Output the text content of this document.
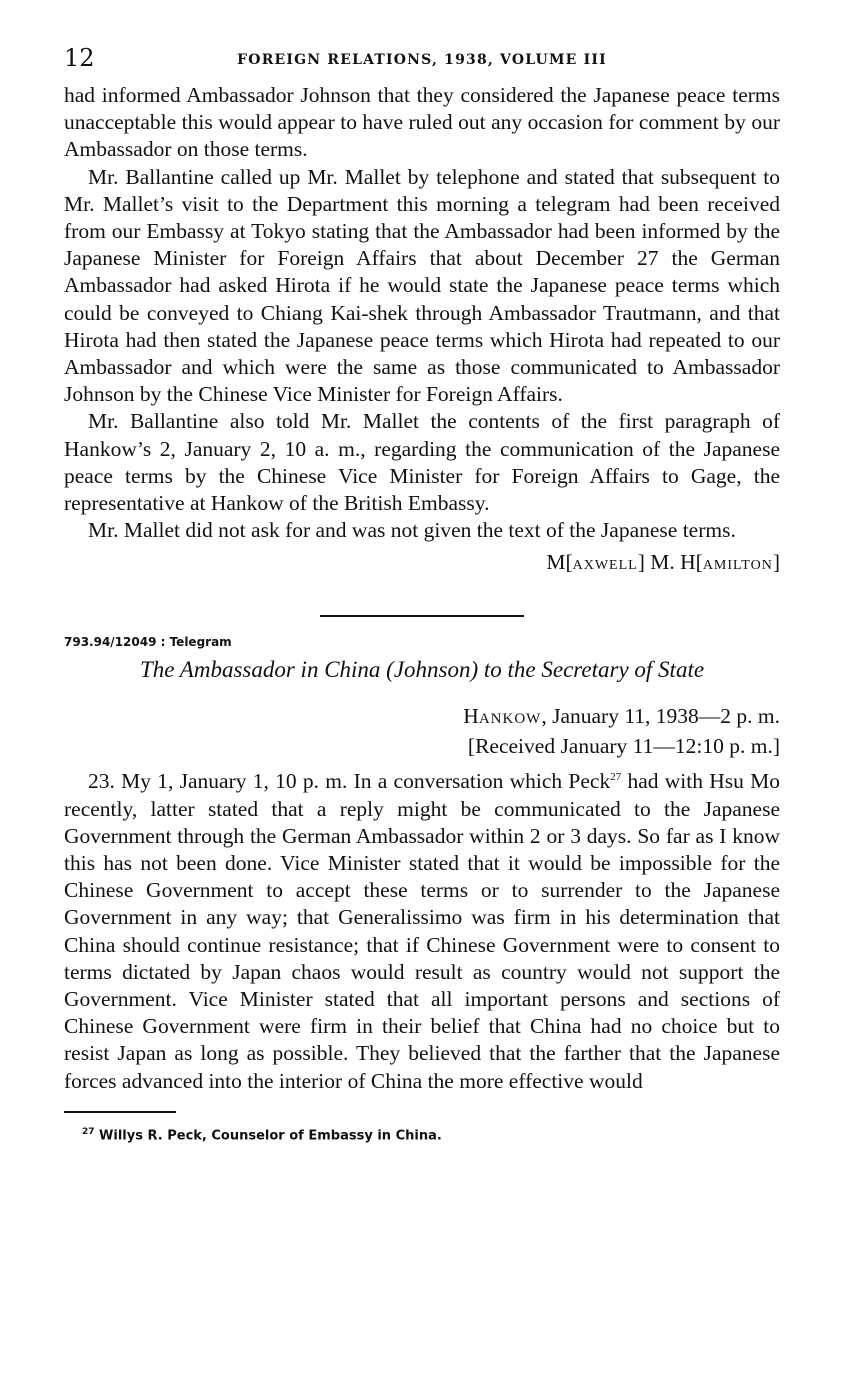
12	FOREIGN RELATIONS, 1938, VOLUME III

had informed Ambassador Johnson that they considered the Japanese peace terms unacceptable this would appear to have ruled out any occasion for comment by our Ambassador on those terms.

Mr. Ballantine called up Mr. Mallet by telephone and stated that subsequent to Mr. Mallet’s visit to the Department this morning a telegram had been received from our Embassy at Tokyo stating that the Ambassador had been informed by the Japanese Minister for Foreign Affairs that about December 27 the German Ambassador had asked Hirota if he would state the Japanese peace terms which could be conveyed to Chiang Kai-shek through Ambassador Trautmann, and that Hirota had then stated the Japanese peace terms which Hirota had repeated to our Ambassador and which were the same as those communicated to Ambassador Johnson by the Chinese Vice Minister for Foreign Affairs.

Mr. Ballantine also told Mr. Mallet the contents of the first paragraph of Hankow’s 2, January 2, 10 a. m., regarding the communication of the Japanese peace terms by the Chinese Vice Minister for Foreign Affairs to Gage, the representative at Hankow of the British Embassy.

Mr. Mallet did not ask for and was not given the text of the Japanese terms.

M[AXWELL] M. H[AMILTON]
793.94/12049 : Telegram
The Ambassador in China (Johnson) to the Secretary of State
HANKOW, January 11, 1938—2 p. m.
[Received January 11—12:10 p. m.]

23. My 1, January 1, 10 p. m. In a conversation which Peck$^{27}$ had with Hsu Mo recently, latter stated that a reply might be communicated to the Japanese Government through the German Ambassador within 2 or 3 days. So far as I know this has not been done. Vice Minister stated that it would be impossible for the Chinese Government to accept these terms or to surrender to the Japanese Government in any way; that Generalissimo was firm in his determination that China should continue resistance; that if Chinese Government were to consent to terms dictated by Japan chaos would result as country would not support the Government. Vice Minister stated that all important persons and sections of Chinese Government were firm in their belief that China had no choice but to resist Japan as long as possible. They believed that the farther that the Japanese forces advanced into the interior of China the more effective would

$^{27}$ Willys R. Peck, Counselor of Embassy in China.
